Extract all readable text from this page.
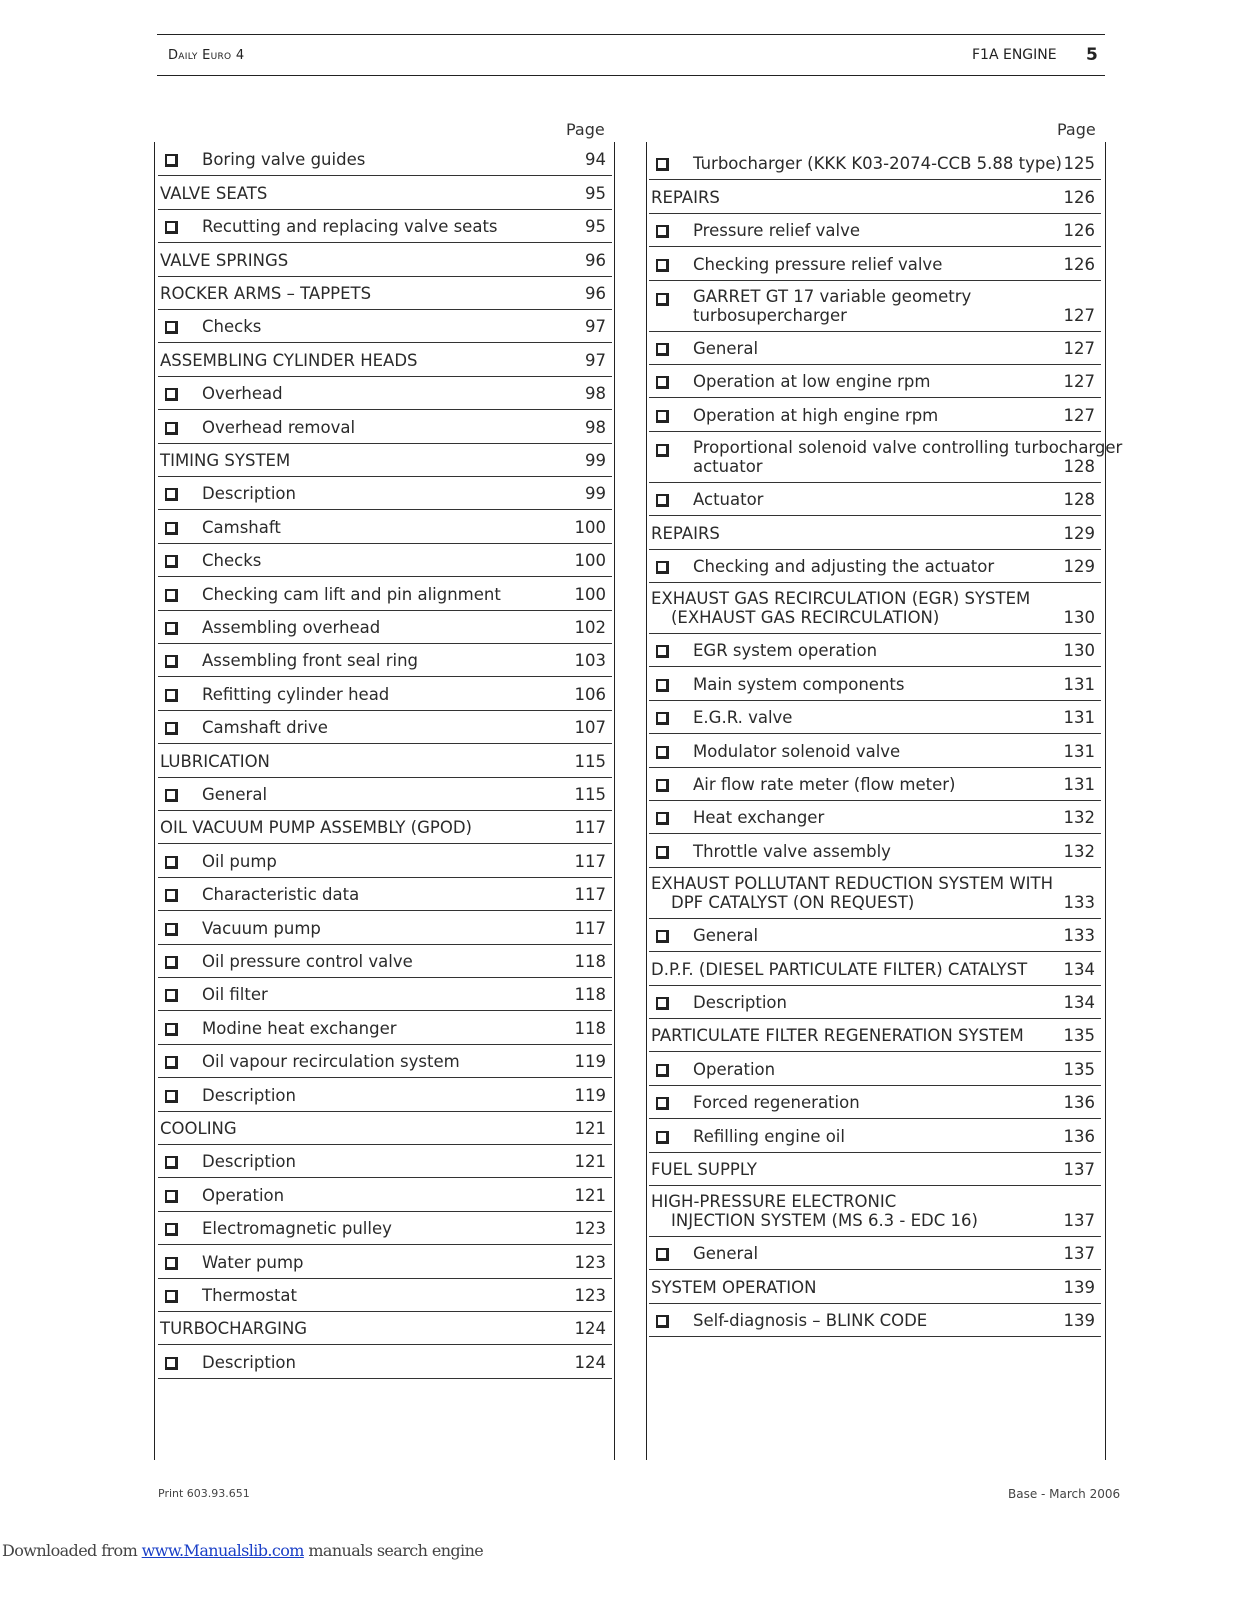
Daily Euro 4	F1A ENGINE 5
Page	Page
Boring valve guides	94
VALVE SEATS	95
Recutting and replacing valve seats	95
VALVE SPRINGS	96
ROCKER ARMS – TAPPETS	96
Checks	97
ASSEMBLING CYLINDER HEADS	97
Overhead	98
Overhead removal	98
TIMING SYSTEM	99
Description	99
Camshaft	100
Checks	100
Checking cam lift and pin alignment	100
Assembling overhead	102
Assembling front seal ring	103
Refitting cylinder head	106
Camshaft drive	107
LUBRICATION	115
General	115
OIL VACUUM PUMP ASSEMBLY (GPOD)	117
Oil pump	117
Characteristic data	117
Vacuum pump	117
Oil pressure control valve	118
Oil filter	118
Modine heat exchanger	118
Oil vapour recirculation system	119
Description	119
COOLING	121
Description	121
Operation	121
Electromagnetic pulley	123
Water pump	123
Thermostat	123
TURBOCHARGING	124
Description	124
Turbocharger (KKK K03-2074-CCB 5.88 type) 125
REPAIRS	126
Pressure relief valve	126
Checking pressure relief valve	126
GARRET GT 17 variable geometry
turbosupercharger	127
General	127
Operation at low engine rpm	127
Operation at high engine rpm	127
Proportional solenoid valve controlling turbocharger
actuator	128
Actuator	128
REPAIRS	129
Checking and adjusting the actuator	129
EXHAUST GAS RECIRCULATION (EGR) SYSTEM
(EXHAUST GAS RECIRCULATION)	130
EGR system operation	130
Main system components	131
E.G.R. valve	131
Modulator solenoid valve	131
Air flow rate meter (flow meter)	131
Heat exchanger	132
Throttle valve assembly	132
EXHAUST POLLUTANT REDUCTION SYSTEM WITH
DPF CATALYST (ON REQUEST)	133
General	133
D.P.F. (DIESEL PARTICULATE FILTER) CATALYST	134
Description	134
PARTICULATE FILTER REGENERATION SYSTEM	135
Operation	135
Forced regeneration	136
Refilling engine oil	136
FUEL SUPPLY	137
HIGH-PRESSURE ELECTRONIC
INJECTION SYSTEM (MS 6.3 - EDC 16)	137
General	137
SYSTEM OPERATION	139
Self-diagnosis – BLINK CODE	139
Print 603.93.651	Base - March 2006
Downloaded from www.Manualslib.com manuals search engine
